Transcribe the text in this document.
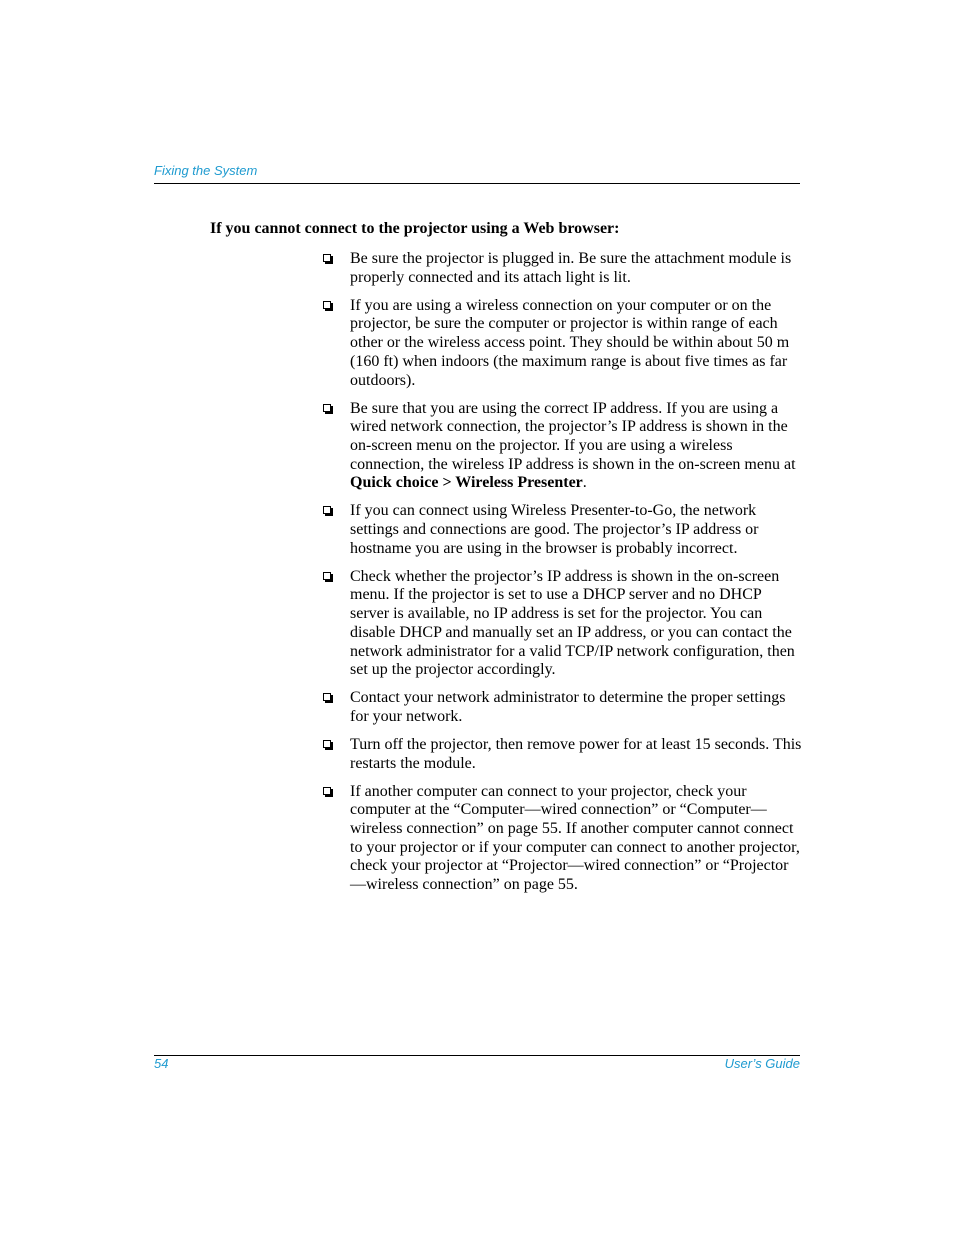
Fixing the System
If you cannot connect to the projector using a Web browser:
Be sure the projector is plugged in. Be sure the attachment module is properly connected and its attach light is lit.
If you are using a wireless connection on your computer or on the projector, be sure the computer or projector is within range of each other or the wireless access point. They should be within about 50 m (160 ft) when indoors (the maximum range is about five times as far outdoors).
Be sure that you are using the correct IP address. If you are using a wired network connection, the projector’s IP address is shown in the on-screen menu on the projector. If you are using a wireless connection, the wireless IP address is shown in the on-screen menu at Quick choice > Wireless Presenter.
If you can connect using Wireless Presenter-to-Go, the network settings and connections are good. The projector’s IP address or hostname you are using in the browser is probably incorrect.
Check whether the projector’s IP address is shown in the on-screen menu. If the projector is set to use a DHCP server and no DHCP server is available, no IP address is set for the projector. You can disable DHCP and manually set an IP address, or you can contact the network administrator for a valid TCP/IP network configuration, then set up the projector accordingly.
Contact your network administrator to determine the proper settings for your network.
Turn off the projector, then remove power for at least 15 seconds. This restarts the module.
If another computer can connect to your projector, check your computer at the “Computer—wired connection” or “Computer—wireless connection” on page 55. If another computer cannot connect to your projector or if your computer can connect to another projector, check your projector at “Projector—wired connection” or “Projector—wireless connection” on page 55.
54	User’s Guide
